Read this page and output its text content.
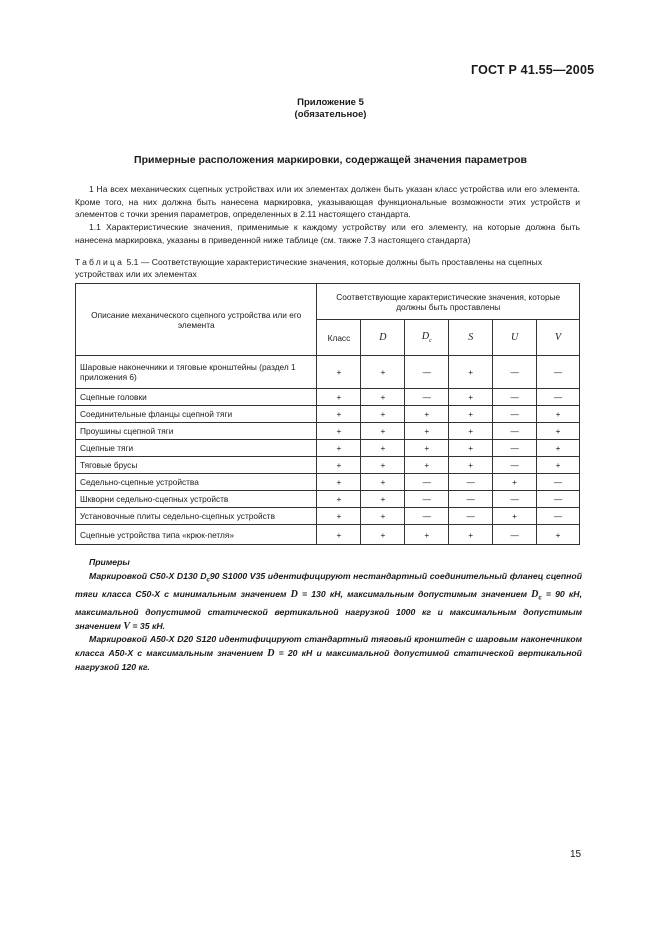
ГОСТ Р 41.55—2005
Приложение 5
(обязательное)
Примерные расположения маркировки, содержащей значения параметров
1 На всех механических сцепных устройствах или их элементах должен быть указан класс устройства или его элемента. Кроме того, на них должна быть нанесена маркировка, указывающая функциональные возможности этих устройств и элементов с точки зрения параметров, определенных в 2.11 настоящего стандарта.
1.1 Характеристические значения, применимые к каждому устройству или его элементу, на которые должна быть нанесена маркировка, указаны в приведенной ниже таблице (см. также 7.3 настоящего стандарта)
Таблица 5.1 — Соответствующие характеристические значения, которые должны быть проставлены на сцепных устройствах или их элементах
Описание механического сцепного устройства или его элемента	Соответствующие характеристические значения, которые должны быть проставлены					
	Класс	D	$D_c$	S	U	V
Шаровые наконечники и тяговые кронштейны (раздел 1 приложения 6)	+	+	—	+	—	—
Сцепные головки	+	+	—	+	—	—
Соединительные фланцы сцепной тяги	+	+	+	+	—	+
Проушины сцепной тяги	+	+	+	+	—	+
Сцепные тяги	+	+	+	+	—	+
Тяговые брусы	+	+	+	+	—	+
Седельно-сцепные устройства	+	+	—	—	+	—
Шкворни седельно-сцепных устройств	+	+	—	—	—	—
Установочные плиты седельно-сцепных устройств	+	+	—	—	+	—
Сцепные устройства типа «крюк-петля»	+	+	+	+	—	+

Примеры

Маркировкой C50-X D130 $D_c90$ S1000 V35 идентифицируют нестандартный соединительный фланец сцепной тяги класса C50-X с минимальным значением D = 130 кН, максимальным допустимым значением $D_c = 90$ кН, максимальной допустимой статической вертикальной нагрузкой 1000 кг и максимальным допустимым значением V = 35 кН.

Маркировкой A50-X D20 S120 идентифицируют стандартный тяговый кронштейн с шаровым наконечником класса A50-X с максимальным значением D = 20 кН и максимальной допустимой статической вертикальной нагрузкой 120 кг.

15
